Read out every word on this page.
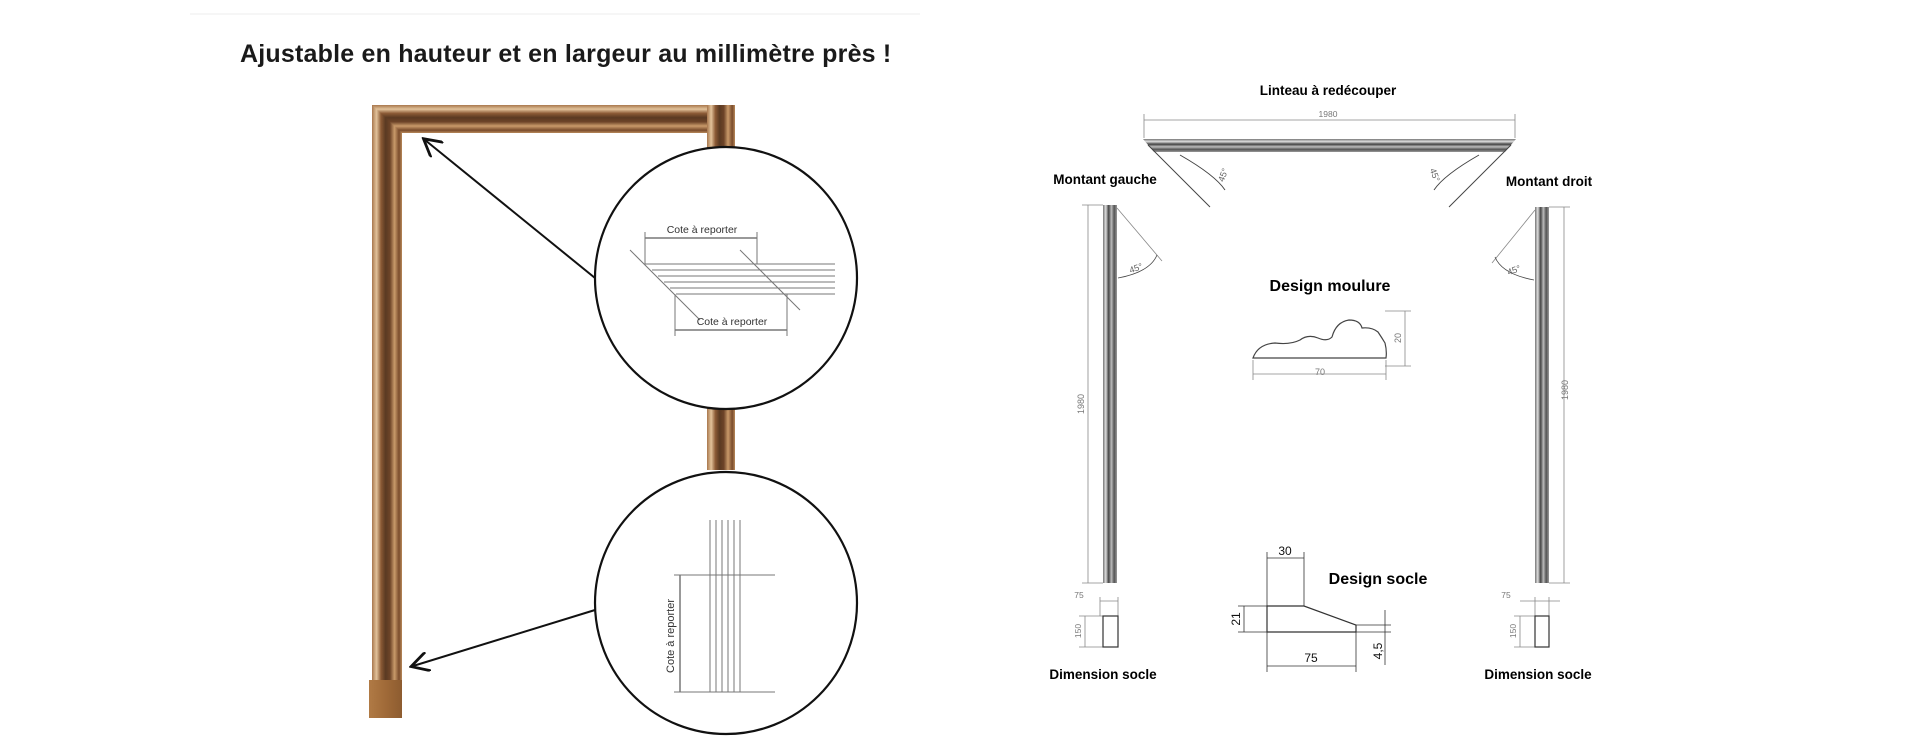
Ajustable en hauteur et en largeur au millimètre près !
Cote à reporter
Cote à reporter
Cote à reporter
Linteau à redécouper
1980
45°	45°
Montant gauche
1980
45°
Montant droit
1980
45°
Design moulure
70
20
Design socle
30
21
75	4,5
75
150
Dimension socle
75
150
Dimension socle
